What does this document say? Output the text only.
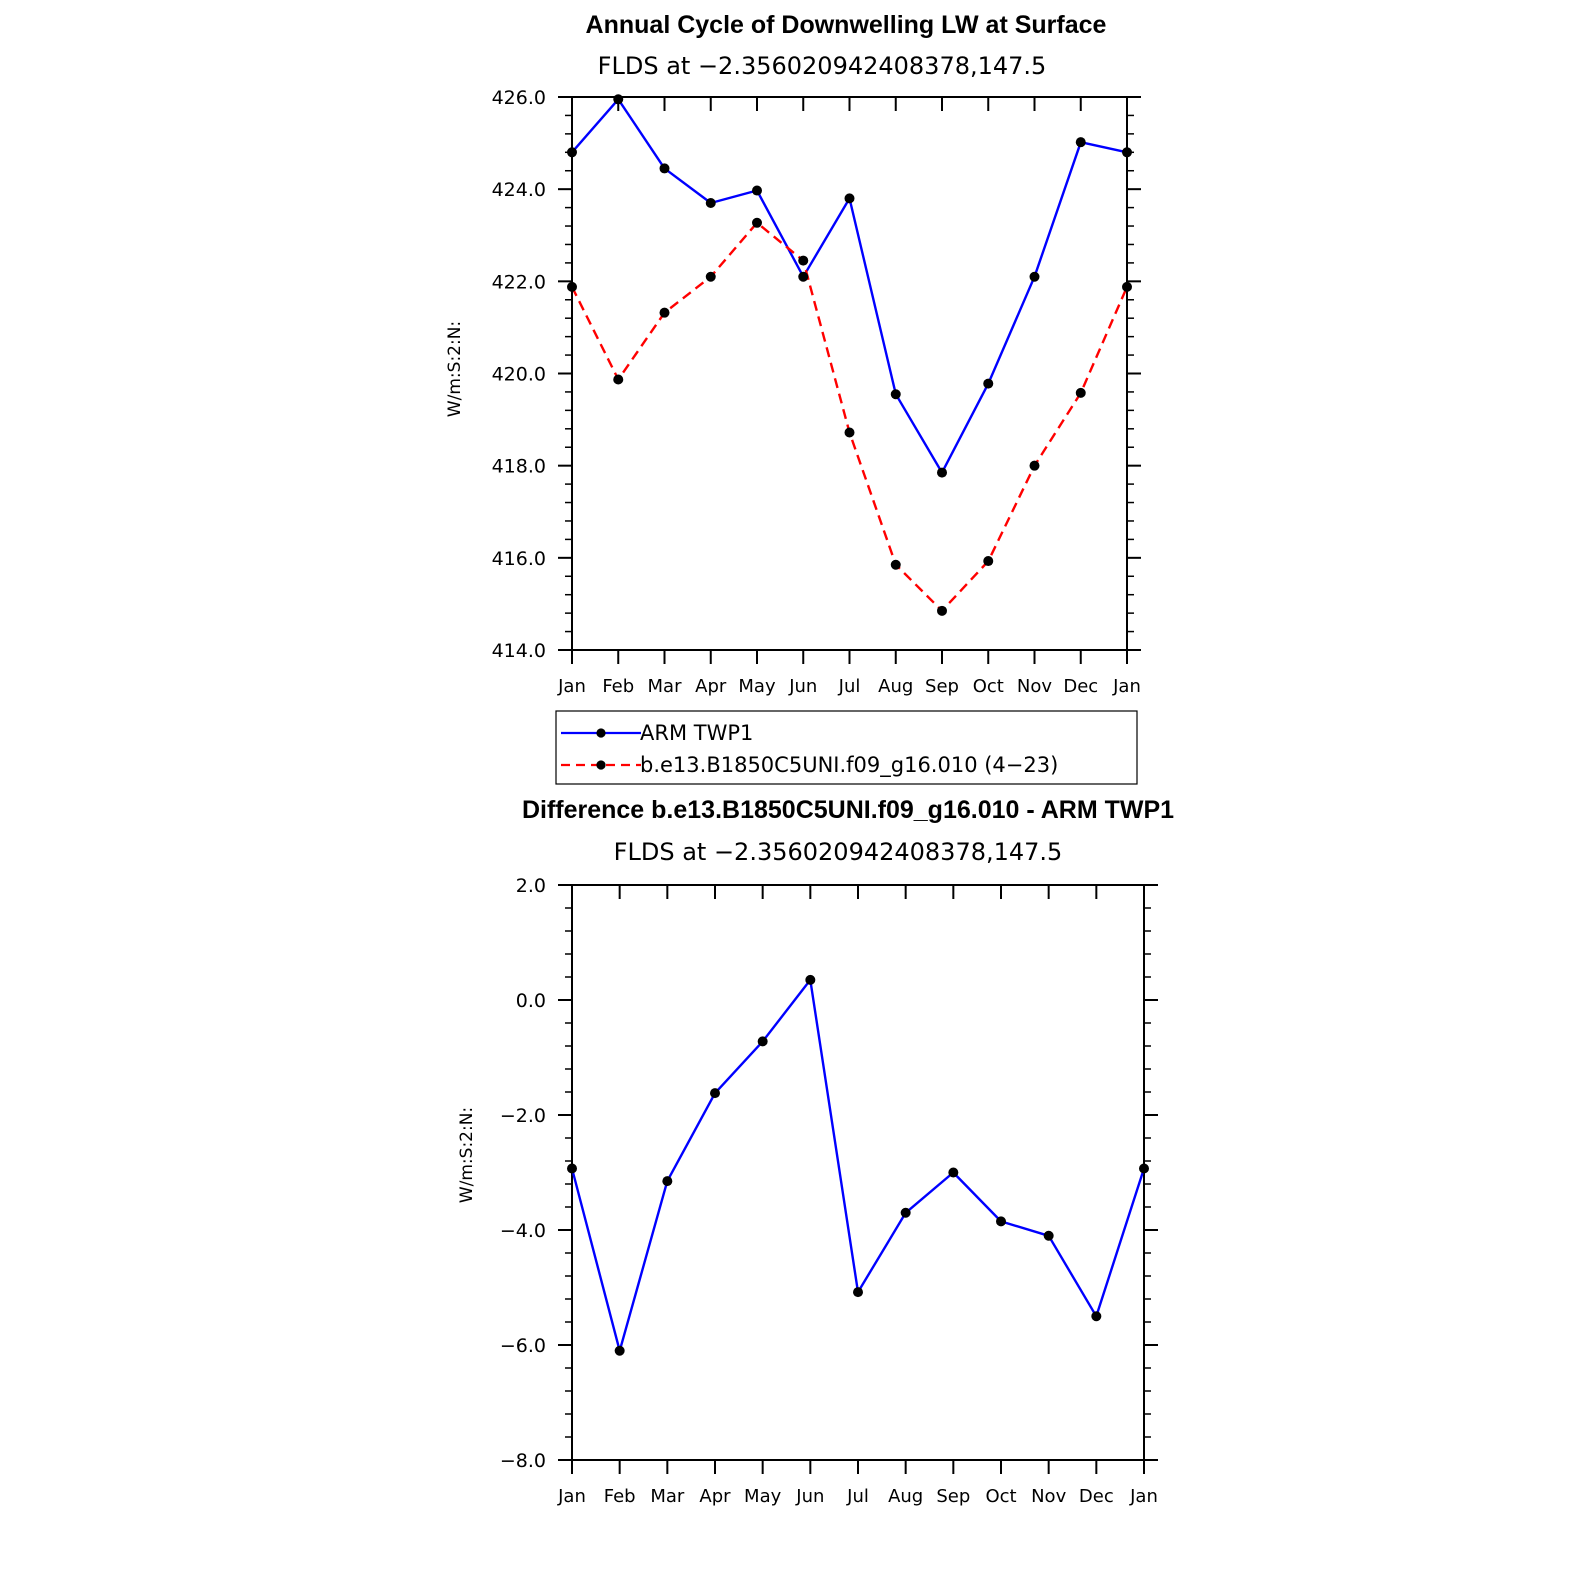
Annual Cycle of Downwelling LW at Surface
FLDS at −2.356020942408378,147.5
W/m:S:2:N:
414.0
416.0
418.0
420.0
422.0
424.0
426.0
Jan Feb Mar Apr May Jun Jul Aug Sep Oct Nov Dec Jan
ARM TWP1
b.e13.B1850C5UNI.f09_g16.010 (4−23)
Difference b.e13.B1850C5UNI.f09_g16.010 - ARM TWP1
FLDS at −2.356020942408378,147.5
W/m:S:2:N:
−8.0
−6.0
−4.0
−2.0
0.0
2.0
Jan Feb Mar Apr May Jun Jul Aug Sep Oct Nov Dec Jan
